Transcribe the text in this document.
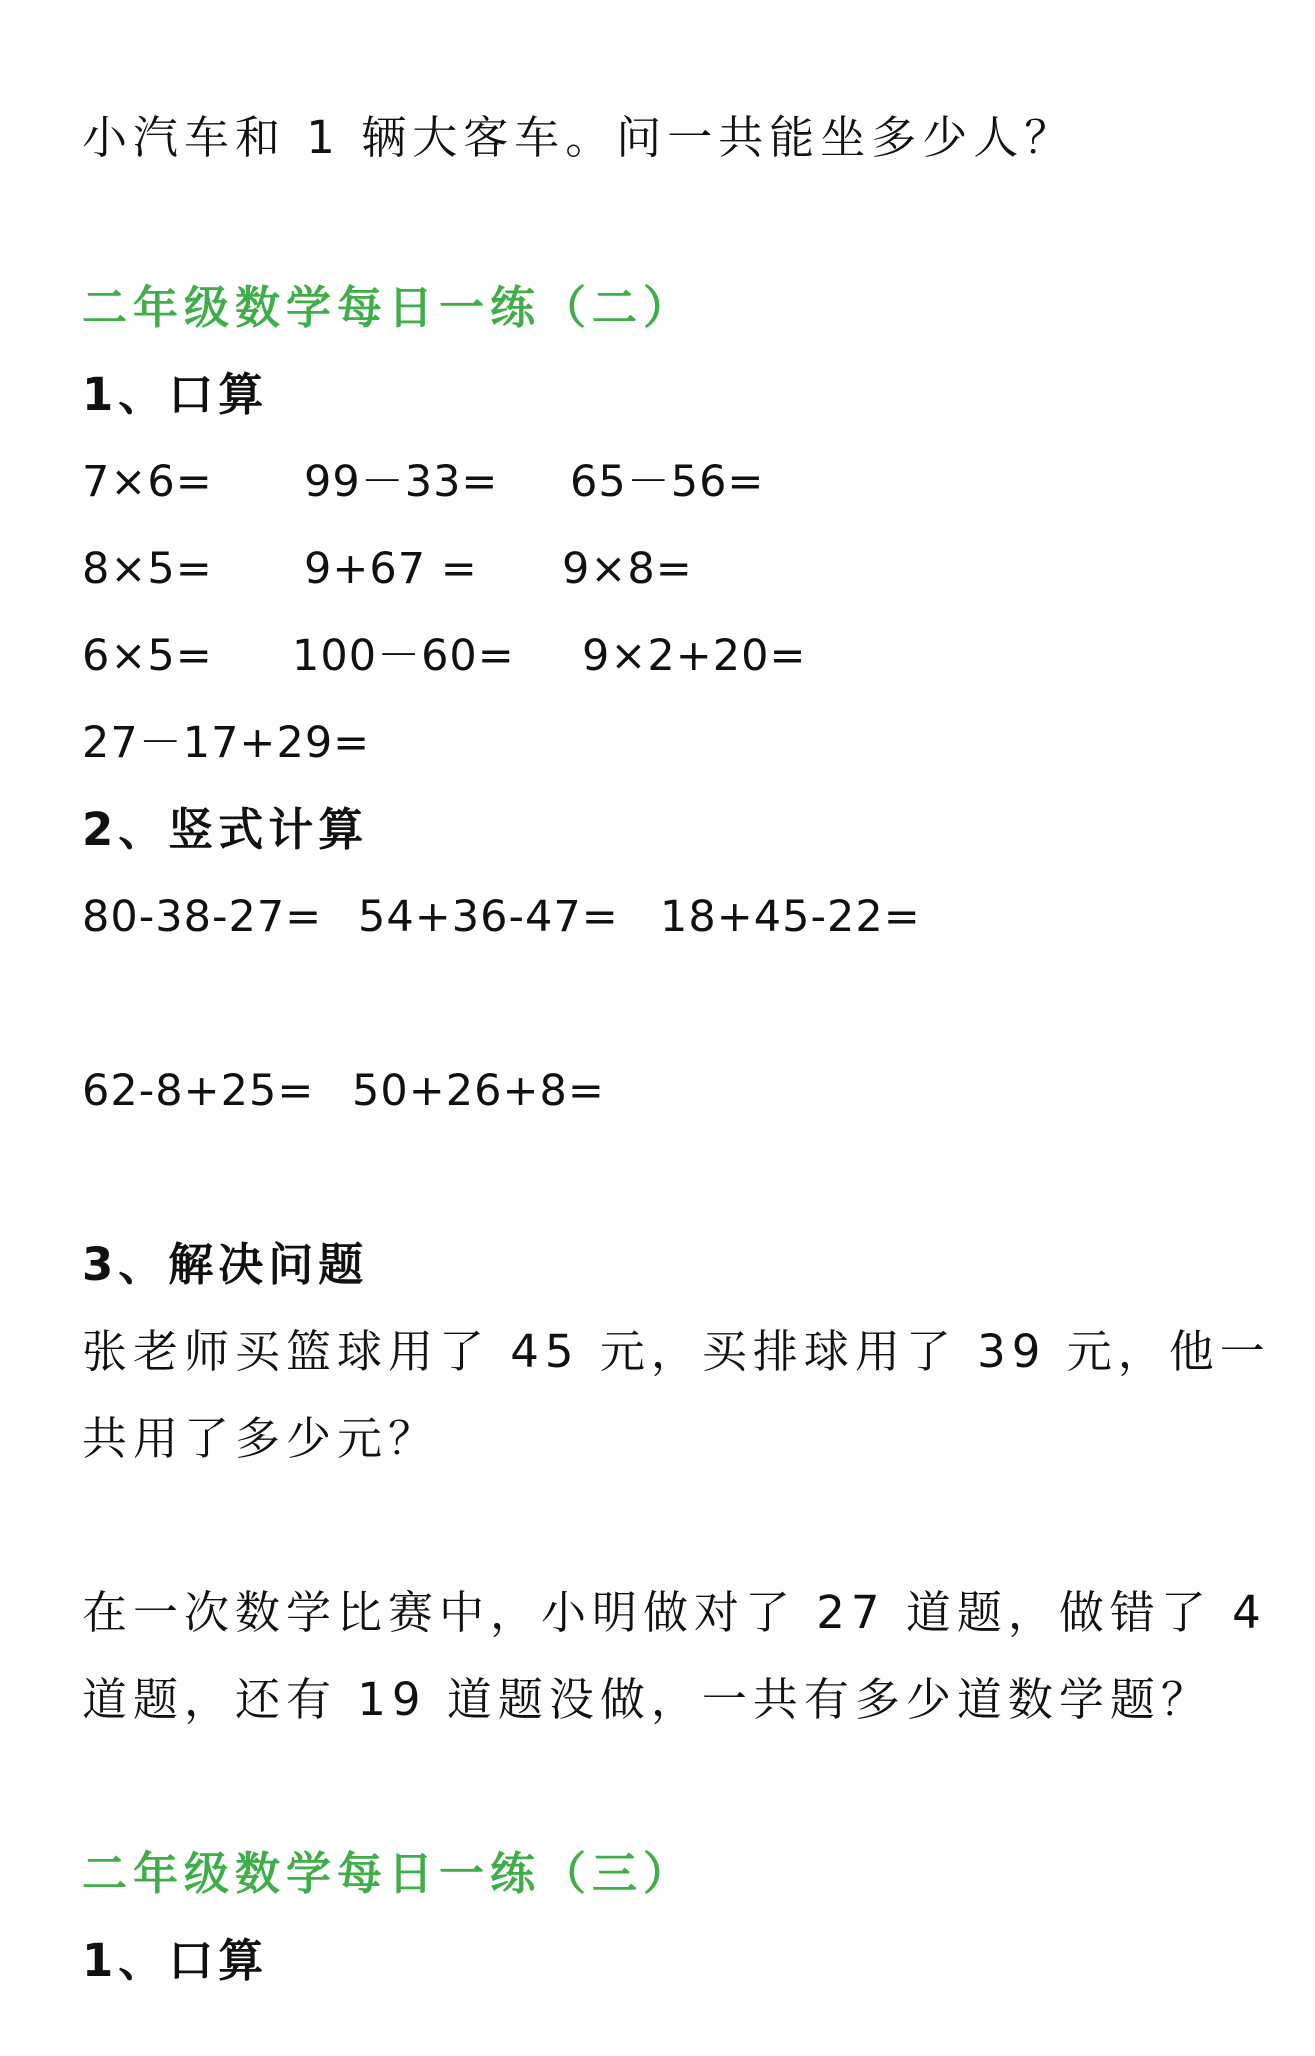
小汽车和 1 辆大客车。问一共能坐多少人？
二年级数学每日一练（二）
1、口算
7×6= 99－33= 65－56=
8×5= 9+67 = 9×8=
6×5= 100－60= 9×2+20=
27－17+29=
2、竖式计算
80-38-27= 54+36-47= 18+45-22=
62-8+25= 50+26+8=
3、解决问题
张老师买篮球用了 45 元，买排球用了 39 元，他一
共用了多少元？
在一次数学比赛中，小明做对了 27 道题，做错了 4
道题，还有 19 道题没做，一共有多少道数学题？
二年级数学每日一练（三）
1、口算
